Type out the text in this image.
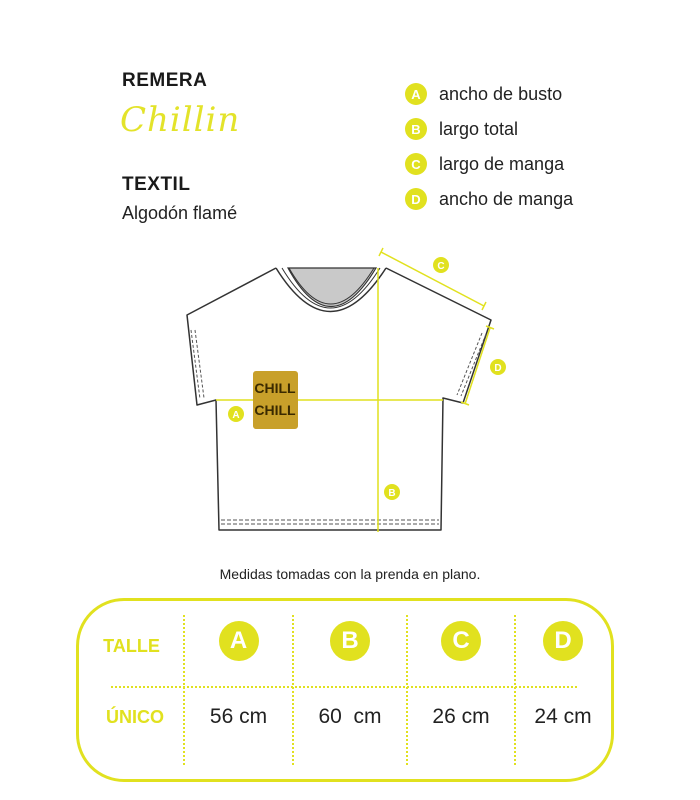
REMERA
Chillin
TEXTIL
Algodón flamé
A	ancho de busto
B	largo total
C	largo de manga
D	ancho de manga
CHILL
CHILL
A
B
C
D
Medidas tomadas con la prenda en plano.
TALLE	A	B	C	D
ÚNICO 56 cm 60  cm 26 cm 24 cm
